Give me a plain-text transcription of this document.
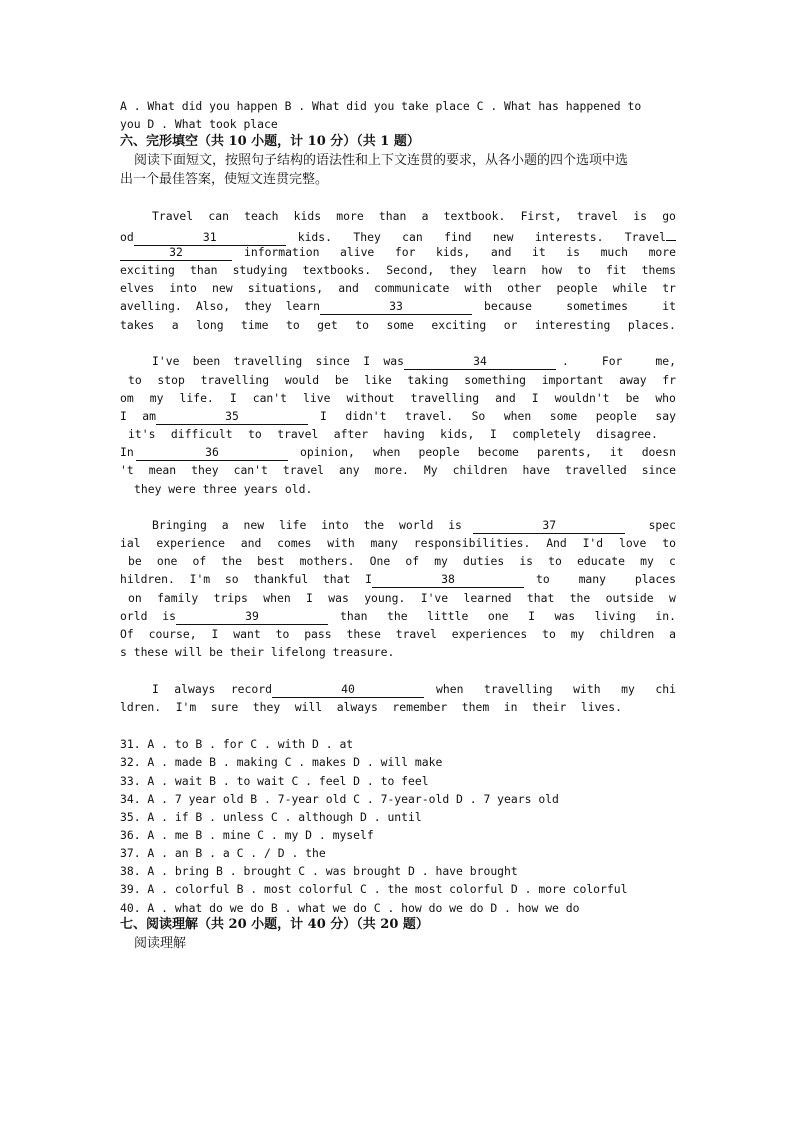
A . What did you happen B . What did you take place C . What has happened to
you D . What took place
六、完形填空（共 10 小题，计 10 分）（共 1 题）
阅读下面短文，按照句子结构的语法性和上下文连贯的要求，从各小题的四个选项中选
出一个最佳答案，使短文连贯完整。
Travel can teach kids more than a textbook. First, travel is go
od	31	kids. They can find new interests. Travel
32	information alive for kids, and it is much more
exciting than studying textbooks. Second, they learn how to fit thems
elves into new situations, and communicate with other people while tr
avelling. Also, they learn	33	because	sometimes	it
takes a long time to get to some exciting or interesting places.
I've been travelling since I was	34	.	For	me,
to stop travelling would be like taking something important away fr
om my life. I can't live without travelling and I wouldn't be who
I am	35	I didn't travel. So when some people say
it's difficult to travel after having kids, I completely disagree.
In	36	opinion, when people become parents, it doesn
't mean they can't travel any more. My children have travelled since
they were three years old.
Bringing a new life into the world is	37	spec
ial experience and comes with many responsibilities. And I'd love to
be one of the best mothers. One of my duties is to educate my c
hildren. I'm so thankful that I	38	to	many	places
on family trips when I was young. I've learned that the outside w
orld is	39	than the little one I was living in.
Of course, I want to pass these travel experiences to my children a
s these will be their lifelong treasure.
I always record	40	when travelling with my chi
ldren. I'm sure they will always remember them in their lives.
31. A . to B . for C . with D . at
32. A . made B . making C . makes D . will make
33. A . wait B . to wait C . feel D . to feel
34. A . 7 year old B . 7-year old C . 7-year-old D . 7 years old
35. A . if B . unless C . although D . until
36. A . me B . mine C . my D . myself
37. A . an B . a C . / D . the
38. A . bring B . brought C . was brought D . have brought
39. A . colorful B . most colorful C . the most colorful D . more colorful
40. A . what do we do B . what we do C . how do we do D . how we do
七、阅读理解（共 20 小题，计 40 分）（共 20 题）
阅读理解
